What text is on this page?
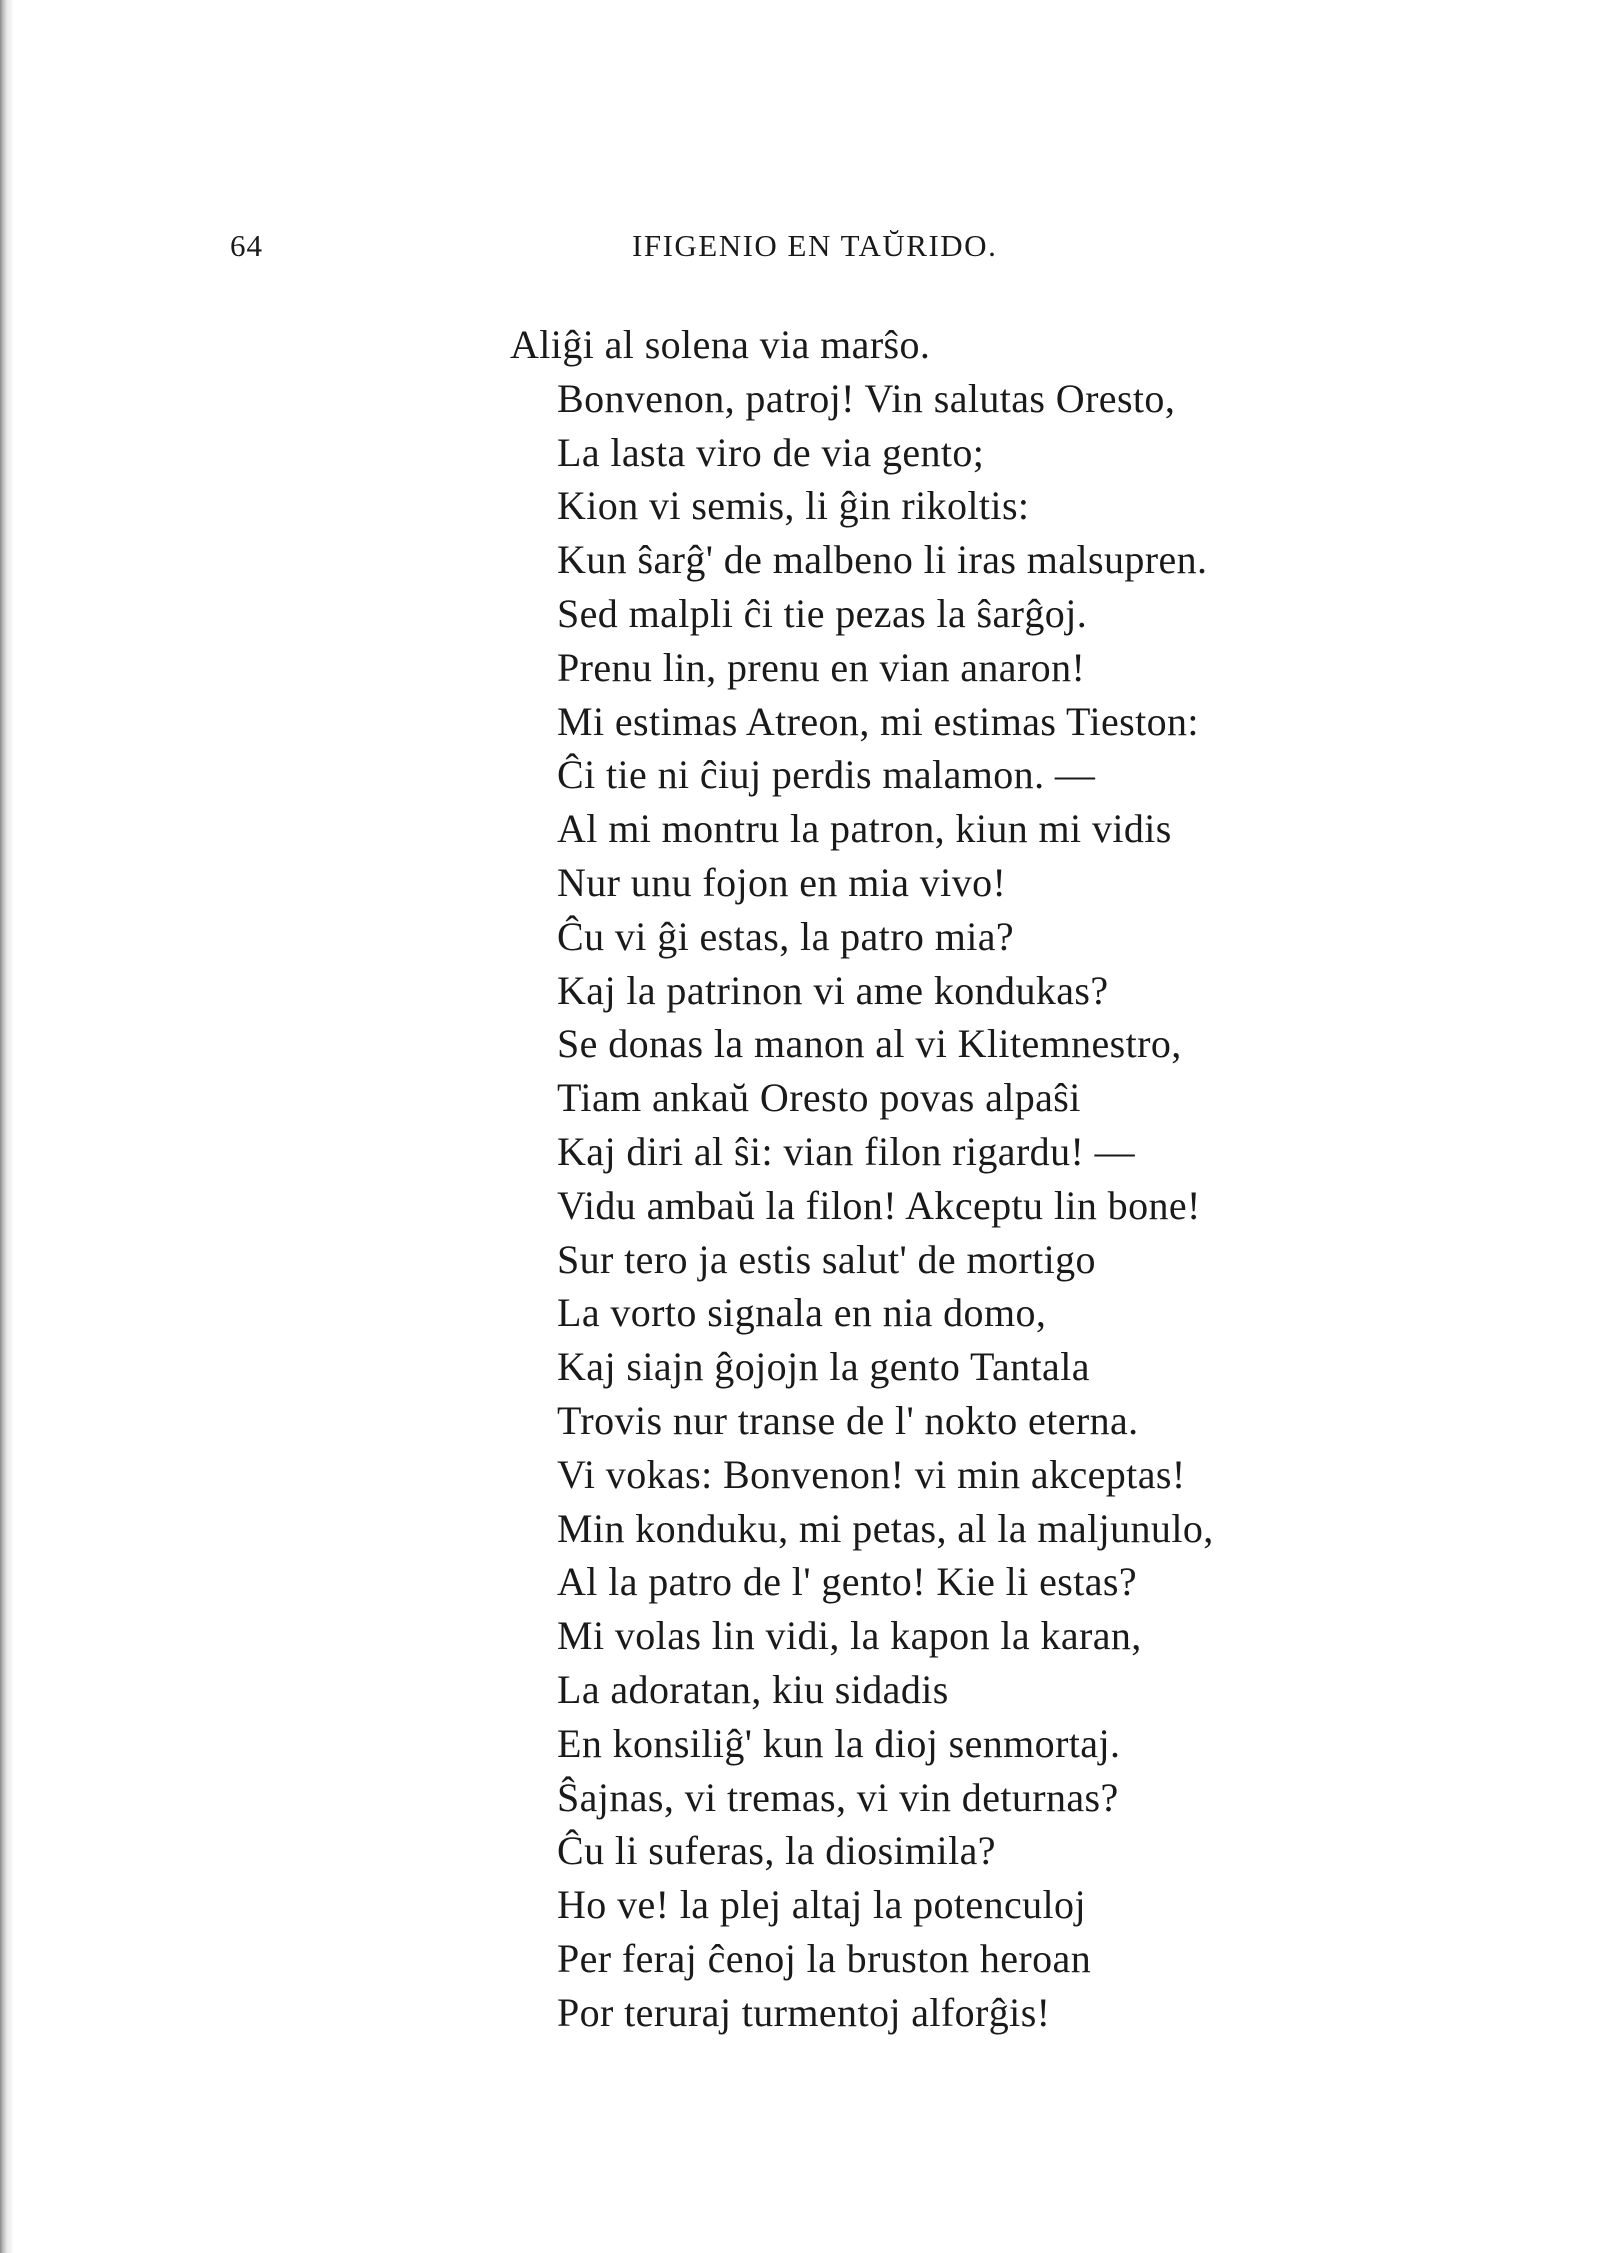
64	IFIGENIO EN TAŬRIDO.
Aliĝi al solena via marŝo.
Bonvenon, patroj! Vin salutas Oresto,
La lasta viro de via gento;
Kion vi semis, li ĝin rikoltis:
Kun ŝarĝ' de malbeno li iras malsupren.
Sed malpli ĉi tie pezas la ŝarĝoj.
Prenu lin, prenu en vian anaron!
Mi estimas Atreon, mi estimas Tieston:
Ĉi tie ni ĉiuj perdis malamon. —
Al mi montru la patron, kiun mi vidis
Nur unu fojon en mia vivo!
Ĉu vi ĝi estas, la patro mia?
Kaj la patrinon vi ame kondukas?
Se donas la manon al vi Klitemnestro,
Tiam ankaŭ Oresto povas alpaŝi
Kaj diri al ŝi: vian filon rigardu! —
Vidu ambaŭ la filon! Akceptu lin bone!
Sur tero ja estis salut' de mortigo
La vorto signala en nia domo,
Kaj siajn ĝojojn la gento Tantala
Trovis nur transe de l' nokto eterna.
Vi vokas: Bonvenon! vi min akceptas!
Min konduku, mi petas, al la maljunulo,
Al la patro de l' gento! Kie li estas?
Mi volas lin vidi, la kapon la karan,
La adoratan, kiu sidadis
En konsiliĝ' kun la dioj senmortaj.
Ŝajnas, vi tremas, vi vin deturnas?
Ĉu li suferas, la diosimila?
Ho ve! la plej altaj la potenculoj
Per feraj ĉenoj la bruston heroan
Por teruraj turmentoj alforĝis!
